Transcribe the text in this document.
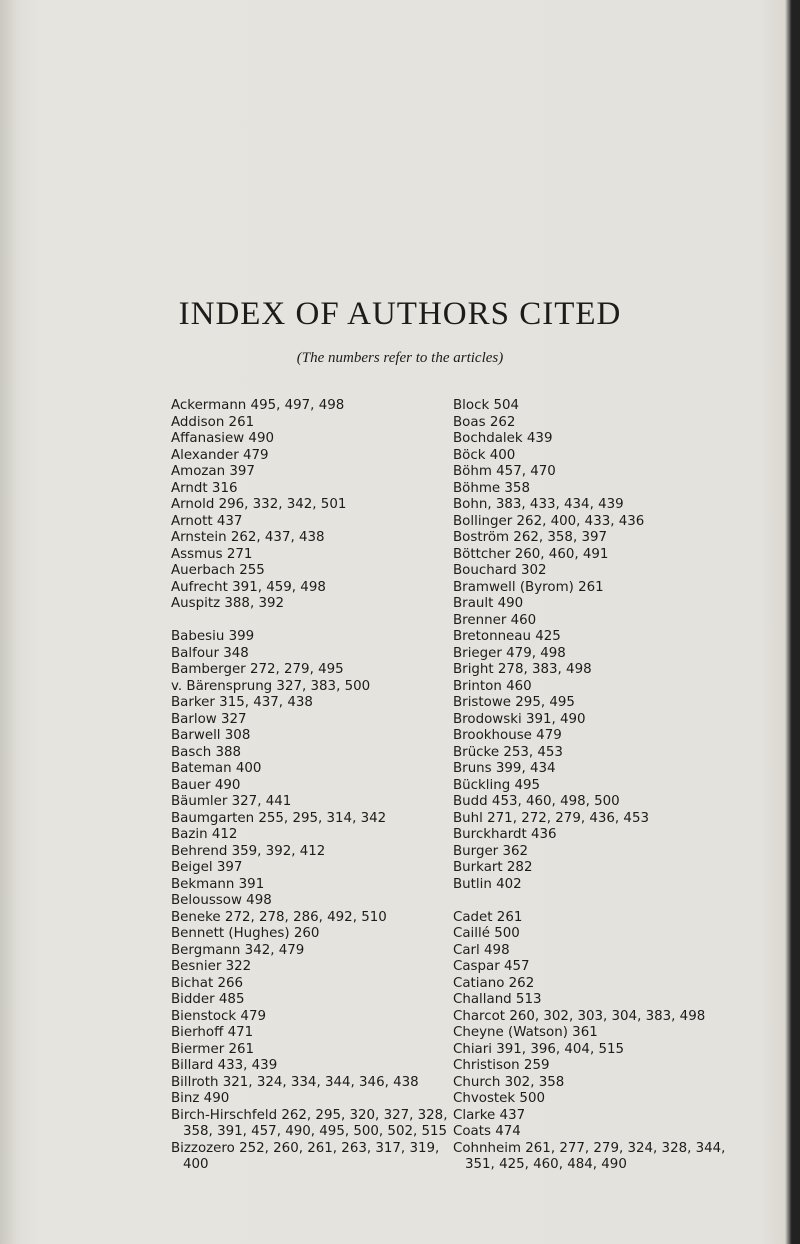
INDEX OF AUTHORS CITED
(The numbers refer to the articles)
Ackermann 495, 497, 498
Addison 261
Affanasiew 490
Alexander 479
Amozan 397
Arndt 316
Arnold 296, 332, 342, 501
Arnott 437
Arnstein 262, 437, 438
Assmus 271
Auerbach 255
Aufrecht 391, 459, 498
Auspitz 388, 392
Babesiu 399
Balfour 348
Bamberger 272, 279, 495
v. Bärensprung 327, 383, 500
Barker 315, 437, 438
Barlow 327
Barwell 308
Basch 388
Bateman 400
Bauer 490
Bäumler 327, 441
Baumgarten 255, 295, 314, 342
Bazin 412
Behrend 359, 392, 412
Beigel 397
Bekmann 391
Beloussow 498
Beneke 272, 278, 286, 492, 510
Bennett (Hughes) 260
Bergmann 342, 479
Besnier 322
Bichat 266
Bidder 485
Bienstock 479
Bierhoff 471
Biermer 261
Billard 433, 439
Billroth 321, 324, 334, 344, 346, 438
Binz 490
Birch-Hirschfeld 262, 295, 320, 327, 328,
358, 391, 457, 490, 495, 500, 502, 515
Bizzozero 252, 260, 261, 263, 317, 319,
400
Block 504
Boas 262
Bochdalek 439
Böck 400
Böhm 457, 470
Böhme 358
Bohn, 383, 433, 434, 439
Bollinger 262, 400, 433, 436
Boström 262, 358, 397
Böttcher 260, 460, 491
Bouchard 302
Bramwell (Byrom) 261
Brault 490
Brenner 460
Bretonneau 425
Brieger 479, 498
Bright 278, 383, 498
Brinton 460
Bristowe 295, 495
Brodowski 391, 490
Brookhouse 479
Brücke 253, 453
Bruns 399, 434
Bückling 495
Budd 453, 460, 498, 500
Buhl 271, 272, 279, 436, 453
Burckhardt 436
Burger 362
Burkart 282
Butlin 402
Cadet 261
Caillé 500
Carl 498
Caspar 457
Catiano 262
Challand 513
Charcot 260, 302, 303, 304, 383, 498
Cheyne (Watson) 361
Chiari 391, 396, 404, 515
Christison 259
Church 302, 358
Chvostek 500
Clarke 437
Coats 474
Cohnheim 261, 277, 279, 324, 328, 344,
351, 425, 460, 484, 490
